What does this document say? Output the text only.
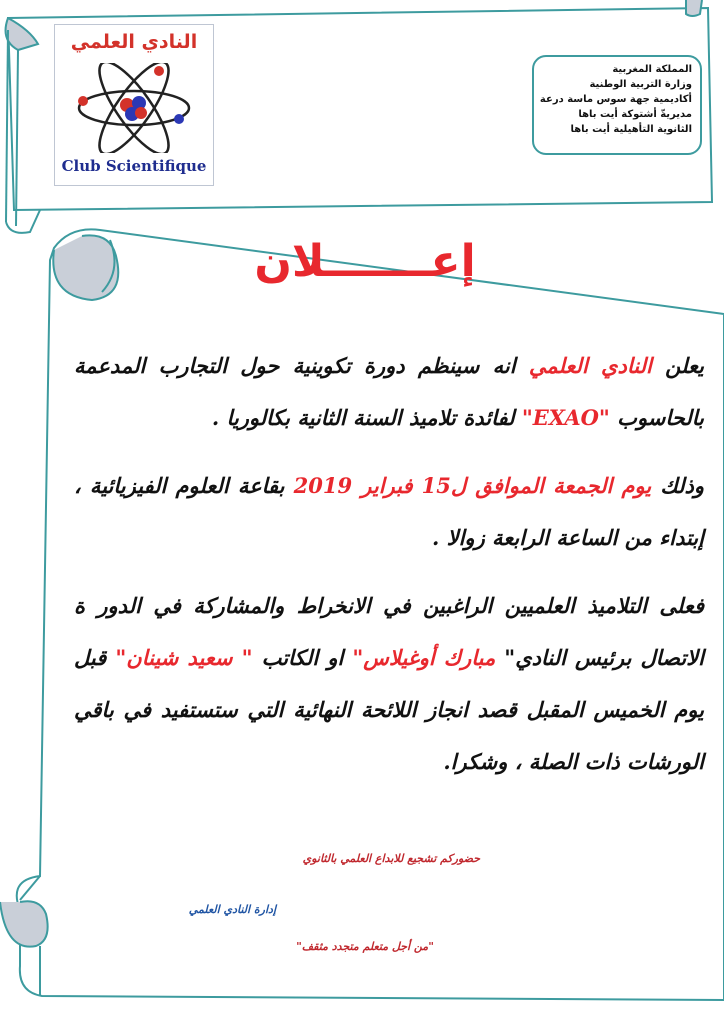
النادي العلمي
Club Scientifique
المملكة المغربية
وزارة التربية الوطنية
أكاديمية جهة سوس ماسة درعة
مديريةّ أشتوكة أيت باها
الثانوية التأهيلية أيت باها
إعـــــــلان

يعلن النادي العلمي انه سينظم دورة تكوينية حول التجارب المدعمة بالحاسوب "EXAO" لفائدة تلاميذ السنة الثانية بكالوريا .

وذلك يوم الجمعة الموافق ل15 فبراير 2019 بقاعة العلوم الفيزيائية ، إبتداء من الساعة الرابعة زوالا .

فعلى التلاميذ العلميين الراغبين في الانخراط والمشاركة في الدور ة الاتصال برئيس النادي" مبارك أوغيلاس" او الكاتب " سعيد شينان" قبل يوم الخميس المقبل قصد انجاز اللائحة النهائية التي ستستفيد في باقي الورشات ذات الصلة ، وشكرا.

حضوركم تشجيع للابداع العلمي بالثانوي
إدارة النادي العلمي
"من أجل متعلم متجدد مثقف"
